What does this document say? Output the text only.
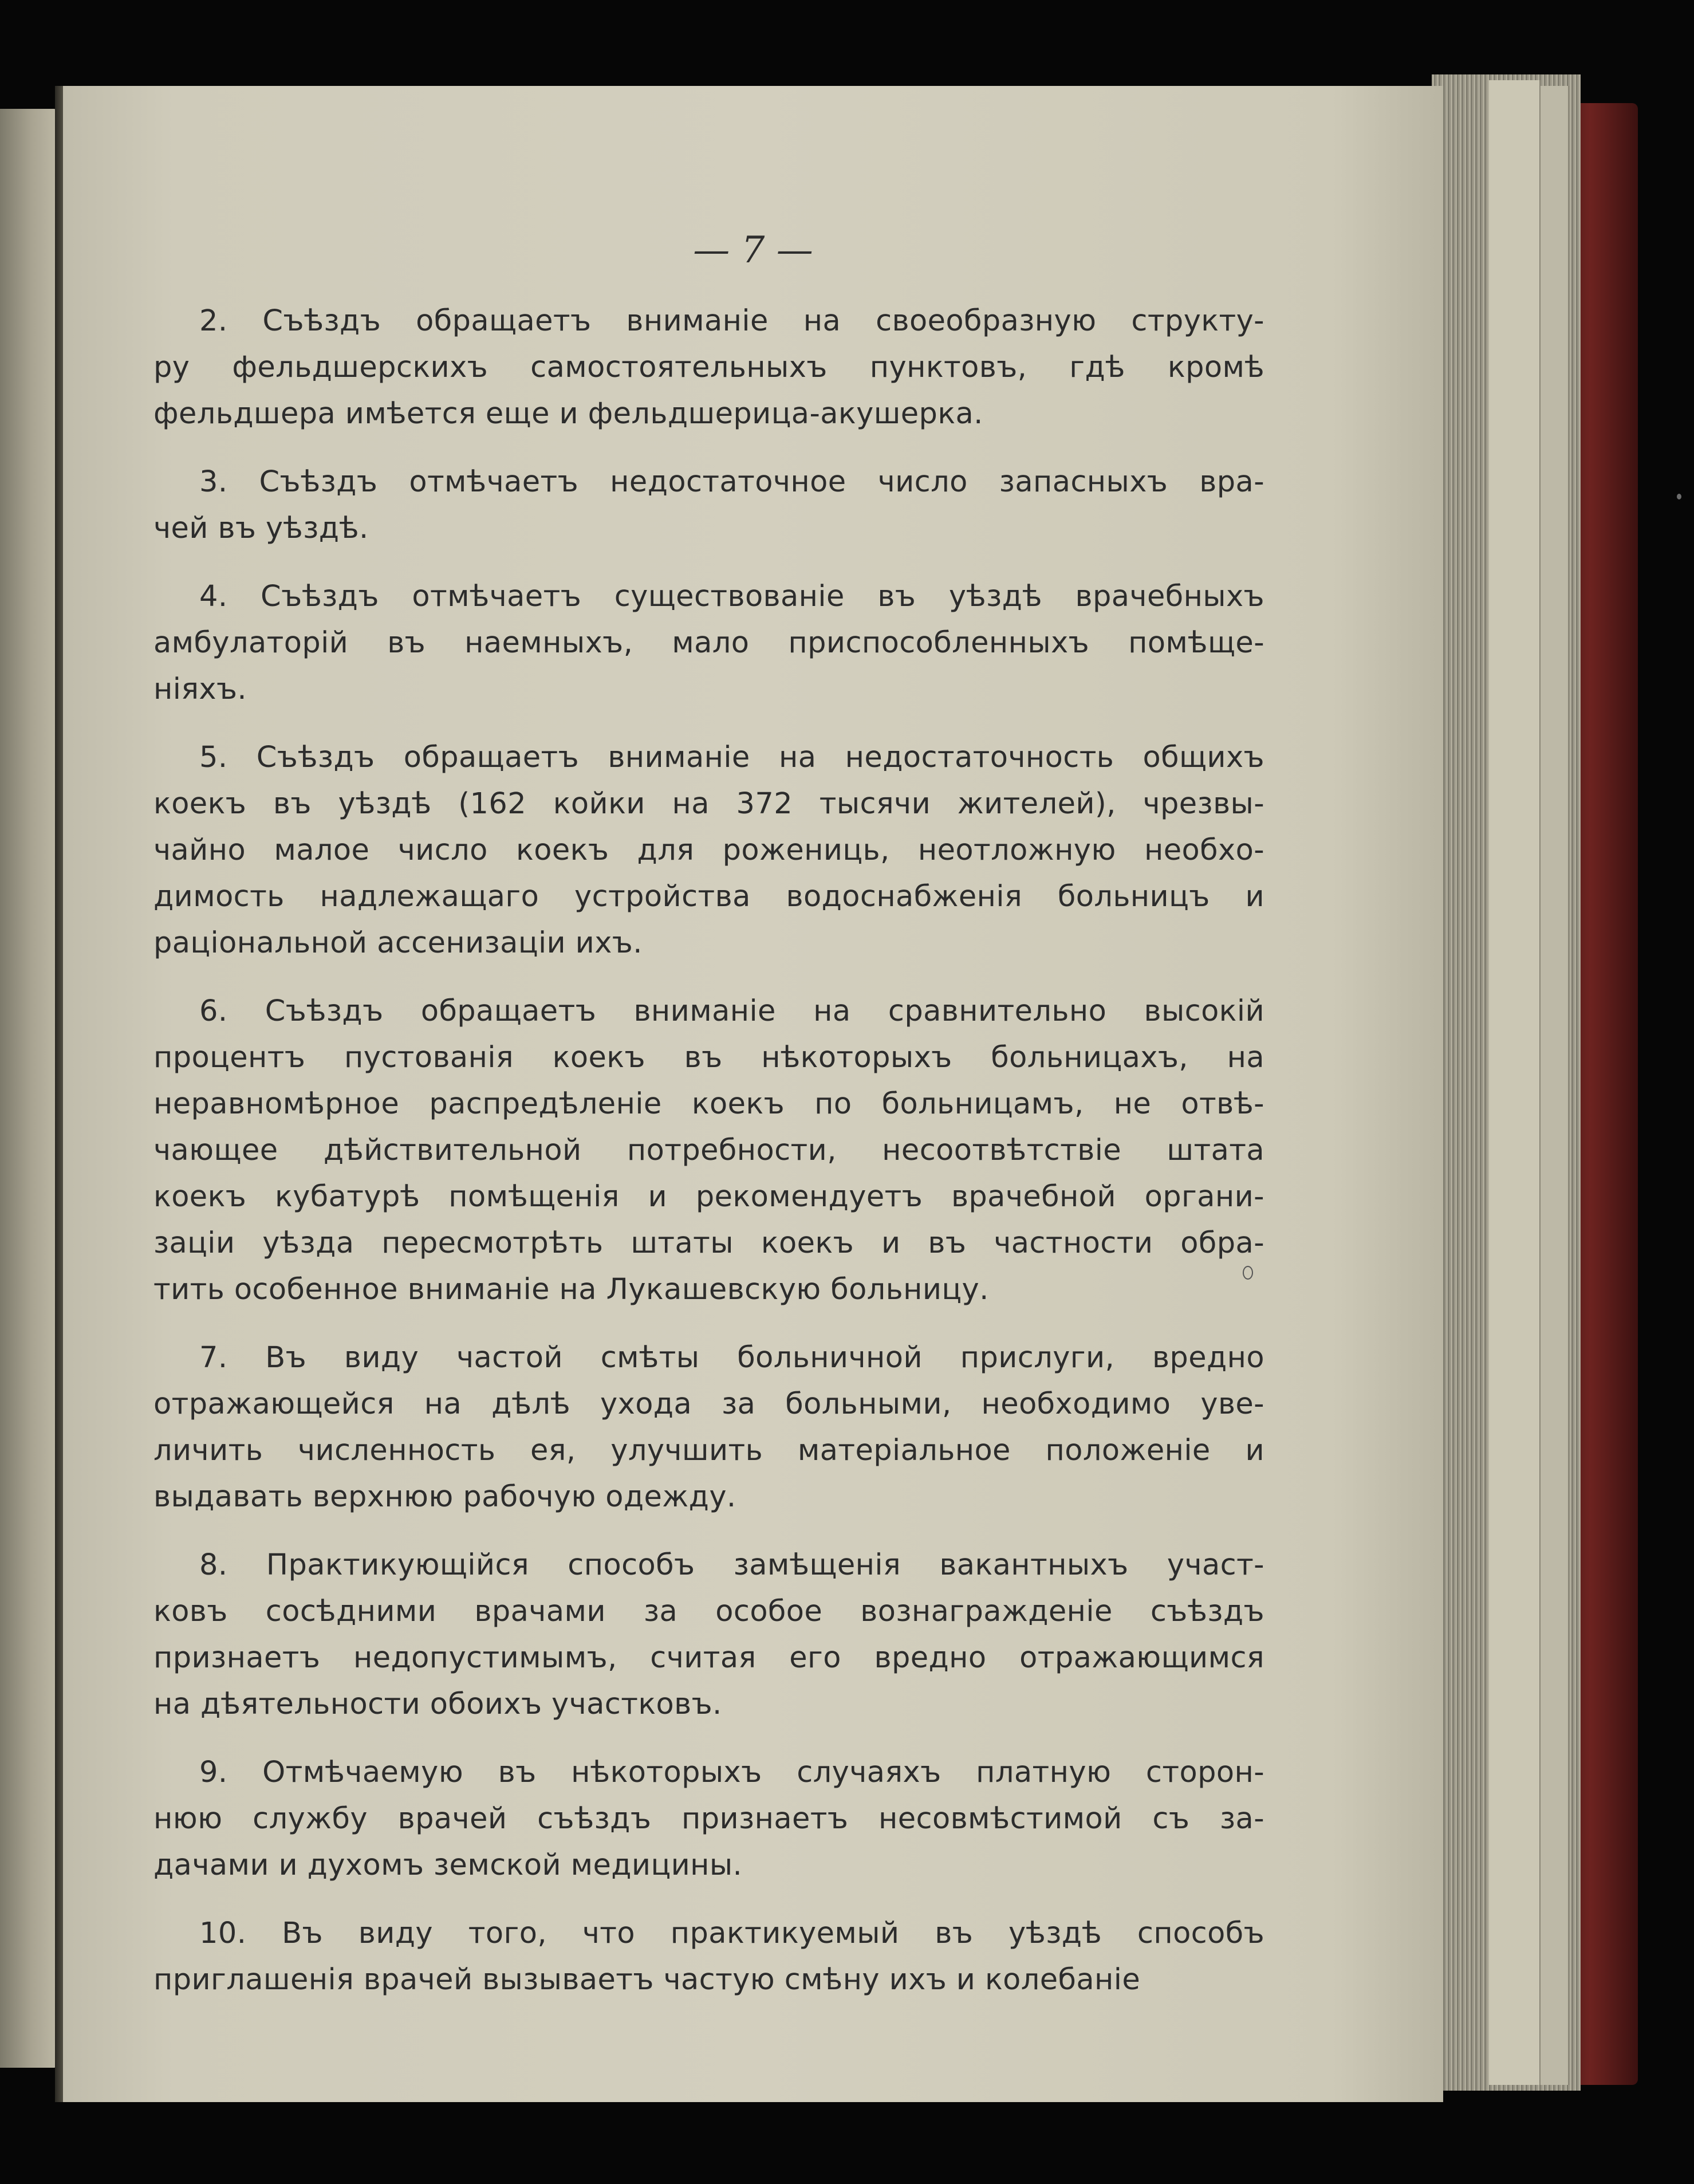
— 7 —
2. Съѣздъ обращаетъ вниманіе на своеобразную структу-
ру фельдшерскихъ самостоятельныхъ пунктовъ, гдѣ кромѣ
фельдшера имѣется еще и фельдшерица-акушерка.
3. Съѣздъ отмѣчаетъ недостаточное число запасныхъ вра-
чей въ уѣздѣ.
4. Съѣздъ отмѣчаетъ существованіе въ уѣздѣ врачебныхъ
амбулаторій въ наемныхъ, мало приспособленныхъ помѣще-
ніяхъ.
5. Съѣздъ обращаетъ вниманіе на недостаточность общихъ
коекъ въ уѣздѣ (162 койки на 372 тысячи жителей), чрезвы-
чайно малое число коекъ для рожениць, неотложную необхо-
димость надлежащаго устройства водоснабженія больницъ и
раціональной ассенизаціи ихъ.
6. Съѣздъ обращаетъ вниманіе на сравнительно высокій
процентъ пустованія коекъ въ нѣкоторыхъ больницахъ, на
неравномѣрное распредѣленіе коекъ по больницамъ, не отвѣ-
чающее дѣйствительной потребности, несоотвѣтствіе штата
коекъ кубатурѣ помѣщенія и рекомендуетъ врачебной органи-
заціи уѣзда пересмотрѣть штаты коекъ и въ частности обра-
тить особенное вниманіе на Лукашевскую больницу.
7. Въ виду частой смѣты больничной прислуги, вредно
отражающейся на дѣлѣ ухода за больными, необходимо уве-
личить численность ея, улучшить матеріальное положеніе и
выдавать верхнюю рабочую одежду.
8. Практикующійся способъ замѣщенія вакантныхъ участ-
ковъ сосѣдними врачами за особое вознагражденіе съѣздъ
признаетъ недопустимымъ, считая его вредно отражающимся
на дѣятельности обоихъ участковъ.
9. Отмѣчаемую въ нѣкоторыхъ случаяхъ платную сторон-
нюю службу врачей съѣздъ признаетъ несовмѣстимой съ за-
дачами и духомъ земской медицины.
10. Въ виду того, что практикуемый въ уѣздѣ способъ
приглашенія врачей вызываетъ частую смѣну ихъ и колебаніе
